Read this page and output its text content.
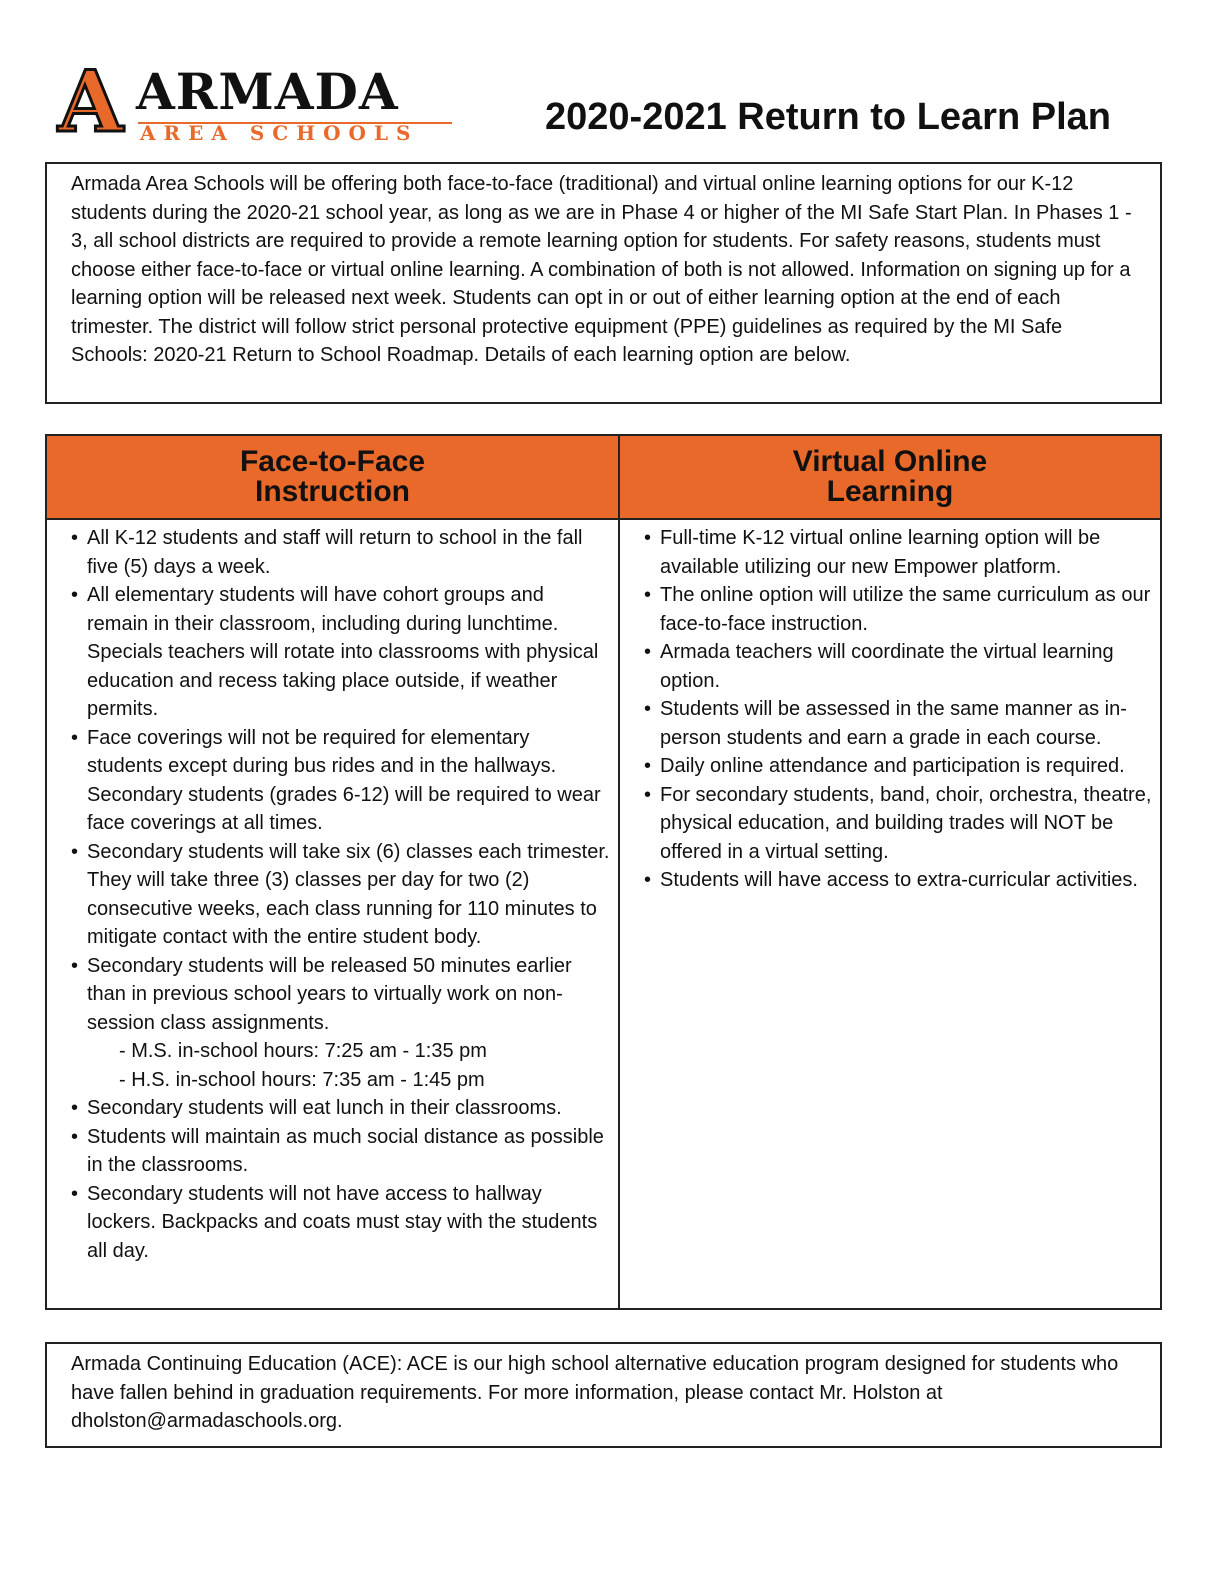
A ARMADA
AREA SCHOOLS	2020-2021 Return to Learn Plan
Armada Area Schools will be offering both face-to-face (traditional) and virtual online learning options for our K-12 students during the 2020-21 school year, as long as we are in Phase 4 or higher of the MI Safe Start Plan. In Phases 1 - 3, all school districts are required to provide a remote learning option for students. For safety reasons, students must choose either face-to-face or virtual online learning. A combination of both is not allowed. Information on signing up for a learning option will be released next week. Students can opt in or out of either learning option at the end of each trimester. The district will follow strict personal protective equipment (PPE) guidelines as required by the MI Safe Schools: 2020-21 Return to School Roadmap. Details of each learning option are below.
Face-to-Face
Instruction
• All K-12 students and staff will return to school in the fall five (5) days a week.
• All elementary students will have cohort groups and remain in their classroom, including during lunchtime. Specials teachers will rotate into classrooms with physical education and recess taking place outside, if weather permits.
• Face coverings will not be required for elementary students except during bus rides and in the hallways. Secondary students (grades 6-12) will be required to wear face coverings at all times.
• Secondary students will take six (6) classes each trimester. They will take three (3) classes per day for two (2) consecutive weeks, each class running for 110 minutes to mitigate contact with the entire student body.
• Secondary students will be released 50 minutes earlier than in previous school years to virtually work on non-session class assignments.
- M.S. in-school hours: 7:25 am - 1:35 pm
- H.S. in-school hours: 7:35 am - 1:45 pm
• Secondary students will eat lunch in their classrooms.
• Students will maintain as much social distance as possible in the classrooms.
• Secondary students will not have access to hallway lockers. Backpacks and coats must stay with the students all day.
Virtual Online
Learning
• Full-time K-12 virtual online learning option will be available utilizing our new Empower platform.
• The online option will utilize the same curriculum as our face-to-face instruction.
• Armada teachers will coordinate the virtual learning option.
• Students will be assessed in the same manner as in-person students and earn a grade in each course.
• Daily online attendance and participation is required.
• For secondary students, band, choir, orchestra, theatre, physical education, and building trades will NOT be offered in a virtual setting.
• Students will have access to extra-curricular activities.
Armada Continuing Education (ACE): ACE is our high school alternative education program designed for students who have fallen behind in graduation requirements. For more information, please contact Mr. Holston at dholston@armadaschools.org.
